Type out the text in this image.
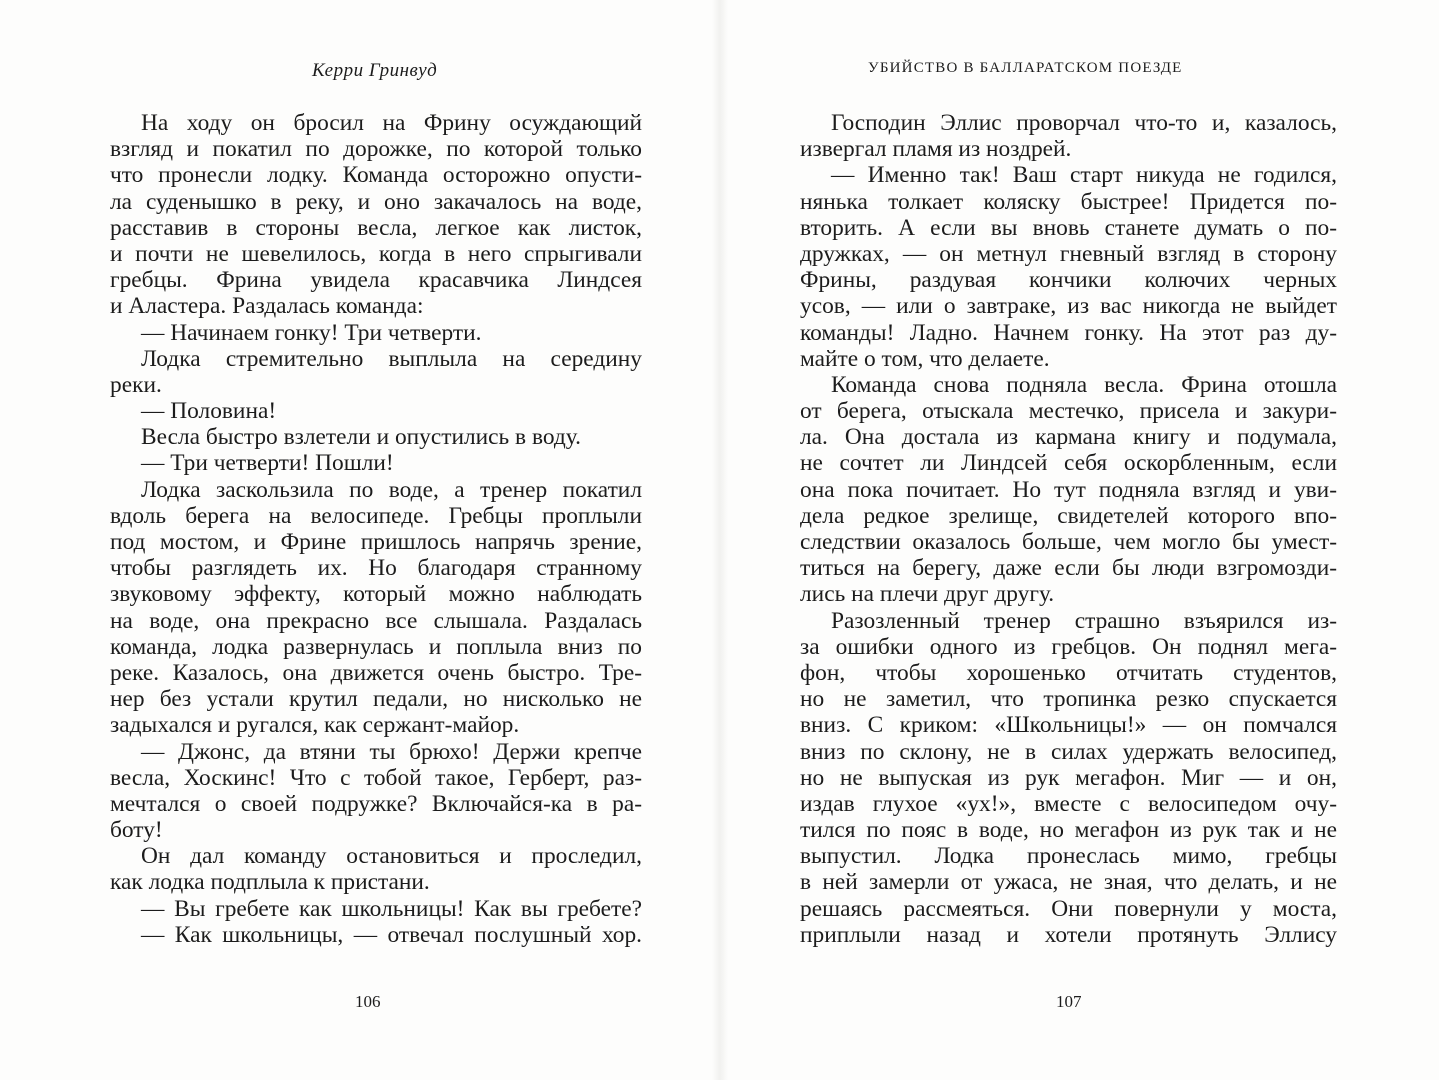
Керри Гринвуд
На ходу он бросил на Фрину осуждающий
взгляд и покатил по дорожке, по которой только
что пронесли лодку. Команда осторожно опусти-
ла суденышко в реку, и оно закачалось на воде,
расставив в стороны весла, легкое как листок,
и почти не шевелилось, когда в него спрыгивали
гребцы. Фрина увидела красавчика Линдсея
и Аластера. Раздалась команда:
— Начинаем гонку! Три четверти.
Лодка стремительно выплыла на середину
реки.
— Половина!
Весла быстро взлетели и опустились в воду.
— Три четверти! Пошли!
Лодка заскользила по воде, а тренер покатил
вдоль берега на велосипеде. Гребцы проплыли
под мостом, и Фрине пришлось напрячь зрение,
чтобы разглядеть их. Но благодаря странному
звуковому эффекту, который можно наблюдать
на воде, она прекрасно все слышала. Раздалась
команда, лодка развернулась и поплыла вниз по
реке. Казалось, она движется очень быстро. Тре-
нер без устали крутил педали, но нисколько не
задыхался и ругался, как сержант-майор.
— Джонс, да втяни ты брюхо! Держи крепче
весла, Хоскинс! Что с тобой такое, Герберт, раз-
мечтался о своей подружке? Включайся-ка в ра-
боту!
Он дал команду остановиться и проследил,
как лодка подплыла к пристани.
— Вы гребете как школьницы! Как вы гребете?
— Как школьницы, — отвечал послушный хор.
106
УБИЙСТВО В БАЛЛАРАТСКОМ ПОЕЗДЕ
Господин Эллис проворчал что-то и, казалось,
извергал пламя из ноздрей.
— Именно так! Ваш старт никуда не годился,
нянька толкает коляску быстрее! Придется по-
вторить. А если вы вновь станете думать о по-
дружках, — он метнул гневный взгляд в сторону
Фрины, раздувая кончики колючих черных
усов, — или о завтраке, из вас никогда не выйдет
команды! Ладно. Начнем гонку. На этот раз ду-
майте о том, что делаете.
Команда снова подняла весла. Фрина отошла
от берега, отыскала местечко, присела и закури-
ла. Она достала из кармана книгу и подумала,
не сочтет ли Линдсей себя оскорбленным, если
она пока почитает. Но тут подняла взгляд и уви-
дела редкое зрелище, свидетелей которого впо-
следствии оказалось больше, чем могло бы умест-
титься на берегу, даже если бы люди взгромозди-
лись на плечи друг другу.
Разозленный тренер страшно взъярился из-
за ошибки одного из гребцов. Он поднял мега-
фон, чтобы хорошенько отчитать студентов,
но не заметил, что тропинка резко спускается
вниз. С криком: «Школьницы!» — он помчался
вниз по склону, не в силах удержать велосипед,
но не выпуская из рук мегафон. Миг — и он,
издав глухое «ух!», вместе с велосипедом очу-
тился по пояс в воде, но мегафон из рук так и не
выпустил. Лодка пронеслась мимо, гребцы
в ней замерли от ужаса, не зная, что делать, и не
решаясь рассмеяться. Они повернули у моста,
приплыли назад и хотели протянуть Эллису
107
